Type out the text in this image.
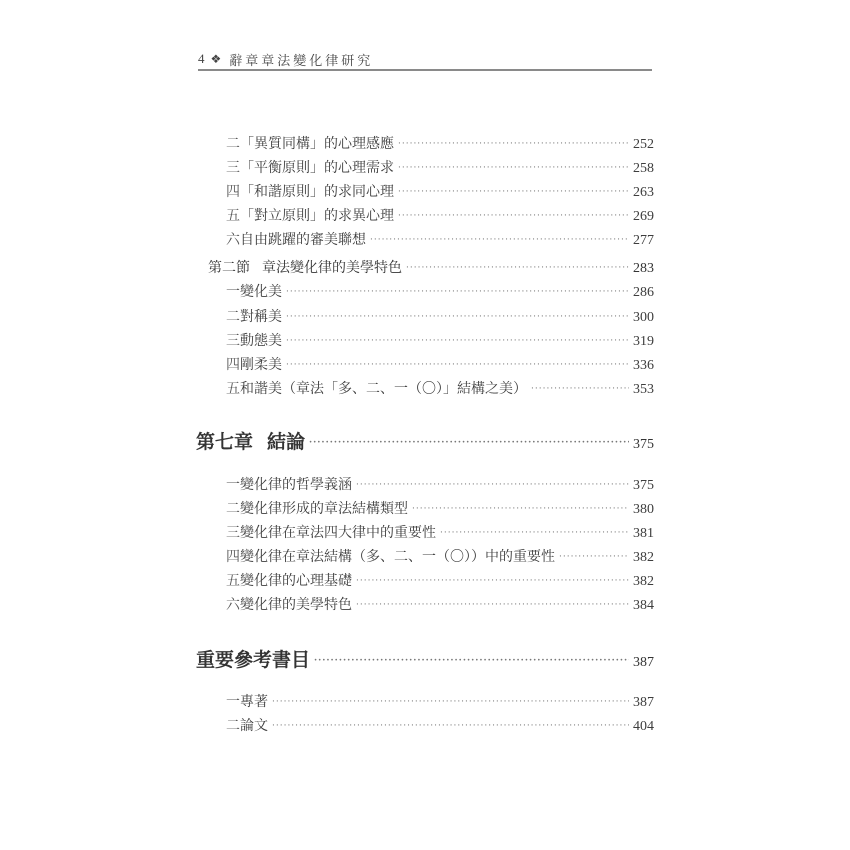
4 ❖ 辭章章法變化律研究
二 「異質同構」的心理感應 ·····	252
三 「平衡原則」的心理需求 ·····	258
四 「和諧原則」的求同心理 ·····	263
五 「對立原則」的求異心理 ·····	269
六 自由跳躍的審美聯想 ·····	277
第二節 章法變化律的美學特色 ·····	283
一 變化美 ·····	286
二 對稱美 ·····	300
三 動態美 ·····	319
四 剛柔美 ·····	336
五 和諧美（章法「多、二、一（〇）」結構之美） ·····	353
第七章 結論 ·····	375
一 變化律的哲學義涵 ·····	375
二 變化律形成的章法結構類型 ·····	380
三 變化律在章法四大律中的重要性 ·····	381
四 變化律在章法結構（多、二、一（〇））中的重要性 ·····	382
五 變化律的心理基礎 ·····	382
六 變化律的美學特色 ·····	384
重要參考書目 ·····	387
一 專著 ·····	387
二 論文 ·····	404
